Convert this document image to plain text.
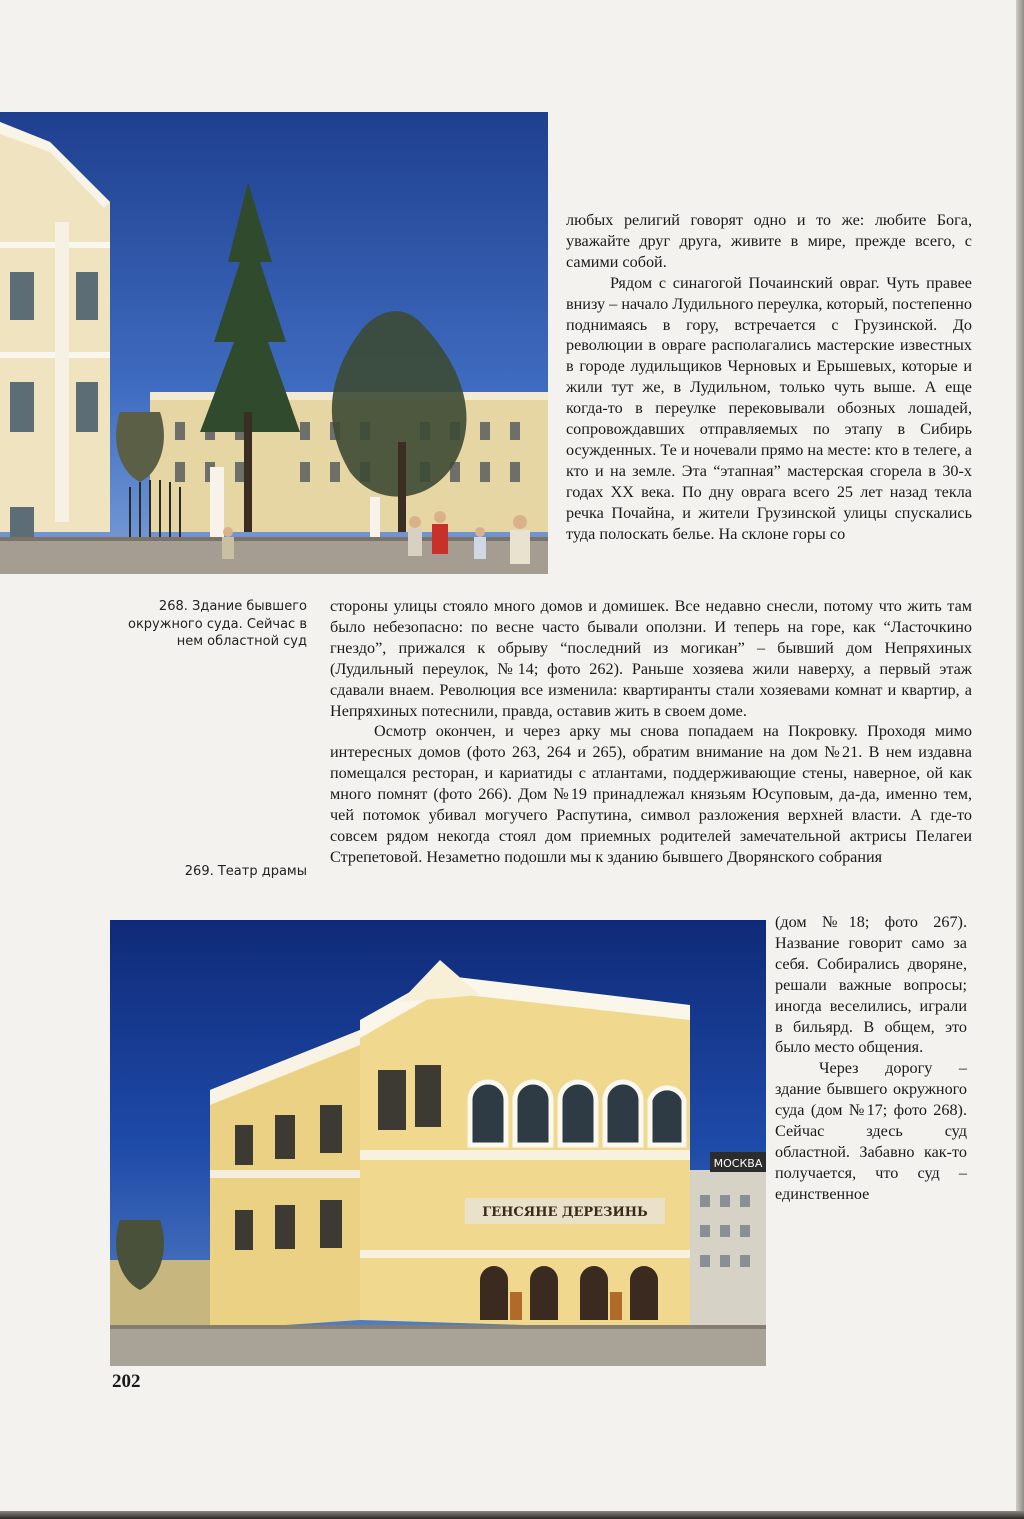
268. Здание бывшего окружного суда. Сейчас в нем областной суд
269. Театр драмы
МОСКВА
ГЕНСЯНЕ ДЕРЕЗИНЬ

любых религий говорят одно и то же: любите Бога, уважайте друг друга, живите в мире, прежде всего, с самими собой.

Рядом с синагогой Почаинский овраг. Чуть правее внизу – начало Лудильного переулка, который, постепенно поднимаясь в гору, встречается с Грузинской. До революции в овраге располагались мастерские известных в городе лудильщиков Черновых и Ерышевых, которые и жили тут же, в Лудильном, только чуть выше. А еще когда-то в переулке перековывали обозных лошадей, сопровождавших отправляемых по этапу в Сибирь осужденных. Те и ночевали прямо на месте: кто в телеге, а кто и на земле. Эта “этапная” мастерская сгорела в 30-х годах XX века. По дну оврага всего 25 лет назад текла речка Почайна, и жители Грузинской улицы спускались туда полоскать белье. На склоне горы со

стороны улицы стояло много домов и домишек. Все недавно снесли, потому что жить там было небезопасно: по весне часто бывали оползни. И теперь на горе, как “Ласточкино гнездо”, прижался к обрыву “последний из могикан” – бывший дом Непряхиных (Лудильный переулок, №14; фото 262). Раньше хозяева жили наверху, а первый этаж сдавали внаем. Революция все изменила: квартиранты стали хозяевами комнат и квартир, а Непряхиных потеснили, правда, оставив жить в своем доме.

Осмотр окончен, и через арку мы снова попадаем на Покровку. Проходя мимо интересных домов (фото 263, 264 и 265), обратим внимание на дом №21. В нем издавна помещался ресторан, и кариатиды с атлантами, поддерживающие стены, наверное, ой как много помнят (фото 266). Дом №19 принадлежал князьям Юсуповым, да-да, именно тем, чей потомок убивал могучего Распутина, символ разложения верхней власти. А где-то совсем рядом некогда стоял дом приемных родителей замечательной актрисы Пелагеи Стрепетовой. Незаметно подошли мы к зданию бывшего Дворянского собрания

(дом №18; фото 267). Название говорит само за себя. Собирались дворяне, решали важные вопросы; иногда веселились, играли в бильярд. В общем, это было место общения.

Через дорогу – здание бывшего окружного суда (дом №17; фото 268). Сейчас здесь суд областной. Забавно как-то получается, что суд – единственное

202
